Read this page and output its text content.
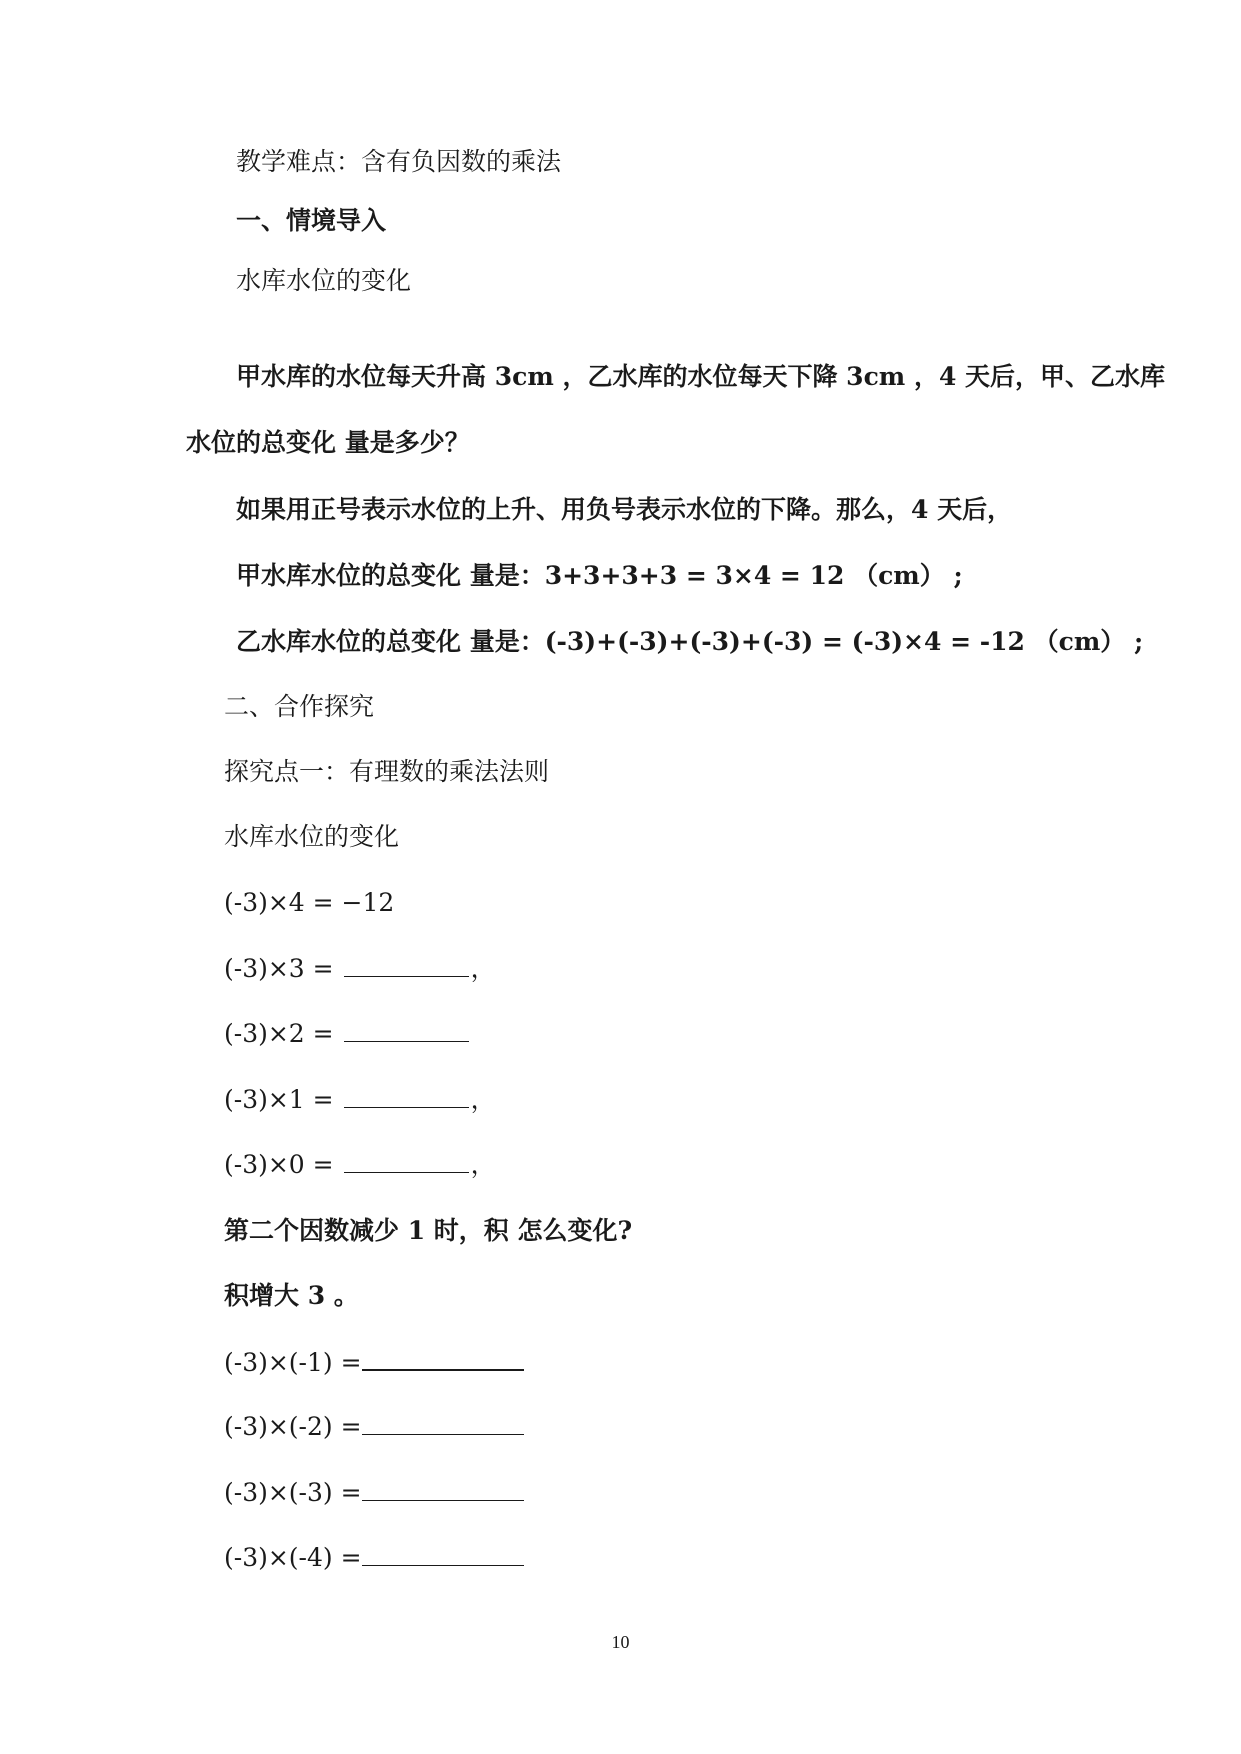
教学难点：含有负因数的乘法
一、情境导入
水库水位的变化
甲水库的水位每天升高 3cm ，乙水库的水位每天下降 3cm ，4 天后，甲、乙水库
水位的总变化 量是多少？
如果用正号表示水位的上升、用负号表示水位的下降。那么，4 天后，
甲水库水位的总变化 量是：3+3+3+3 = 3×4 = 12 （cm） ;
乙水库水位的总变化 量是：(-3)+(-3)+(-3)+(-3) = (-3)×4 = -12 （cm） ;
二、合作探究
探究点一：有理数的乘法法则
水库水位的变化
(-3)×4 = −12
(-3)×3 =	，
(-3)×2 =
(-3)×1 =	，
(-3)×0 =	，
第二个因数减少 1 时，积 怎么变化?
积增大 3 。
(-3)×(-1) =
(-3)×(-2) =
(-3)×(-3) =
(-3)×(-4) =
10
